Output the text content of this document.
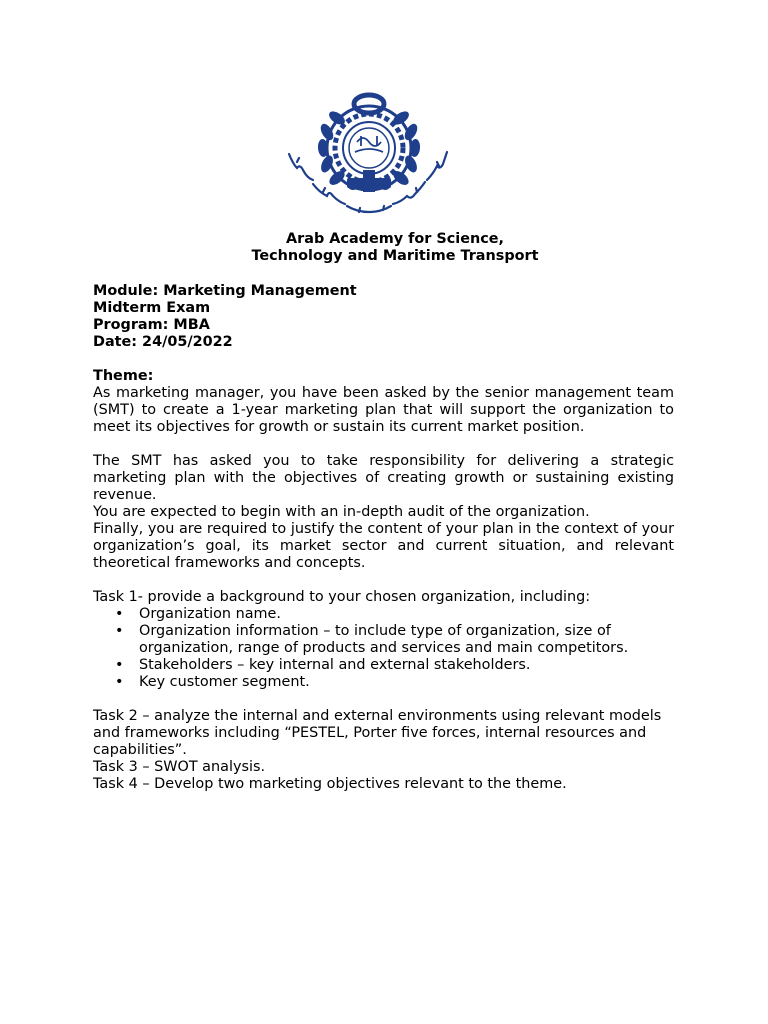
Arab Academy for Science,
Technology and Maritime Transport
Module: Marketing Management
Midterm Exam
Program: MBA
Date: 24/05/2022
Theme:

As marketing manager, you have been asked by the senior management team (SMT) to create a 1-year marketing plan that will support the organization to meet its objectives for growth or sustain its current market position.

The SMT has asked you to take responsibility for delivering a strategic marketing plan with the objectives of creating growth or sustaining existing revenue.

You are expected to begin with an in-depth audit of the organization.

Finally, you are required to justify the content of your plan in the context of your organization’s goal, its market sector and current situation, and relevant theoretical frameworks and concepts.

Task 1- provide a background to your chosen organization, including:
• Organization name.
• Organization information – to include type of organization, size of organization, range of products and services and main competitors.
• Stakeholders – key internal and external stakeholders.
• Key customer segment.
Task 2 – analyze the internal and external environments using relevant models and frameworks including “PESTEL, Porter five forces, internal resources and capabilities”.
Task 3 – SWOT analysis.
Task 4 – Develop two marketing objectives relevant to the theme.
